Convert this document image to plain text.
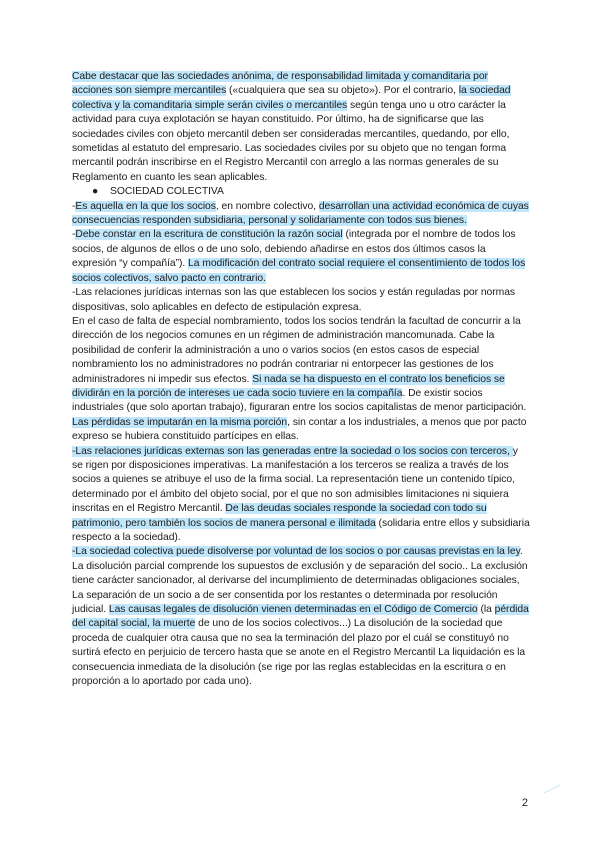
Cabe destacar que las sociedades anónima, de responsabilidad limitada y comanditaria por acciones son siempre mercantiles («cualquiera que sea su objeto»). Por el contrario, la sociedad colectiva y la comanditaria simple serán civiles o mercantiles según tenga uno u otro carácter la actividad para cuya explotación se hayan constituido. Por último, ha de significarse que las sociedades civiles con objeto mercantil deben ser consideradas mercantiles, quedando, por ello, sometidas al estatuto del empresario. Las sociedades civiles por su objeto que no tengan forma mercantil podrán inscribirse en el Registro Mercantil con arreglo a las normas generales de su Reglamento en cuanto les sean aplicables.

● SOCIEDAD COLECTIVA

-Es aquella en la que los socios, en nombre colectivo, desarrollan una actividad económica de cuyas consecuencias responden subsidiaria, personal y solidariamente con todos sus bienes.

-Debe constar en la escritura de constitución la razón social (integrada por el nombre de todos los socios, de algunos de ellos o de uno solo, debiendo añadirse en estos dos últimos casos la expresión “y compañía”). La modificación del contrato social requiere el consentimiento de todos los socios colectivos, salvo pacto en contrario.

-Las relaciones jurídicas internas son las que establecen los socios y están reguladas por normas dispositivas, solo aplicables en defecto de estipulación expresa.

En el caso de falta de especial nombramiento, todos los socios tendrán la facultad de concurrir a la dirección de los negocios comunes en un régimen de administración mancomunada. Cabe la posibilidad de conferir la administración a uno o varios socios (en estos casos de especial nombramiento los no administradores no podrán contrariar ni entorpecer las gestiones de los administradores ni impedir sus efectos. Si nada se ha dispuesto en el contrato los beneficios se dividirán en la porción de intereses ue cada socio tuviere en la compañía. De existir socios industriales (que solo aportan trabajo), figuraran entre los socios capitalistas de menor participación. Las pérdidas se imputarán en la misma porción, sin contar a los industriales, a menos que por pacto expreso se hubiera constituido partícipes en ellas.

-Las relaciones jurídicas externas son las generadas entre la sociedad o los socios con terceros, y se rigen por disposiciones imperativas. La manifestación a los terceros se realiza a través de los socios a quienes se atribuye el uso de la firma social. La representación tiene un contenido típico, determinado por el ámbito del objeto social, por el que no son admisibles limitaciones ni siquiera inscritas en el Registro Mercantil. De las deudas sociales responde la sociedad con todo su patrimonio, pero también los socios de manera personal e ilimitada (solidaria entre ellos y subsidiaria respecto a la sociedad).

-La sociedad colectiva puede disolverse por voluntad de los socios o por causas previstas en la ley. La disolución parcial comprende los supuestos de exclusión y de separación del socio.. La exclusión tiene carácter sancionador, al derivarse del incumplimiento de determinadas obligaciones sociales, La separación de un socio a de ser consentida por los restantes o determinada por resolución judicial. Las causas legales de disolución vienen determinadas en el Código de Comercio (la pérdida del capital social, la muerte de uno de los socios colectivos...) La disolución de la sociedad que proceda de cualquier otra causa que no sea la terminación del plazo por el cuál se constituyó no surtirá efecto en perjuicio de tercero hasta que se anote en el Registro Mercantil La liquidación es la consecuencia inmediata de la disolución (se rige por las reglas establecidas en la escritura o en proporción a lo aportado por cada uno).

2
